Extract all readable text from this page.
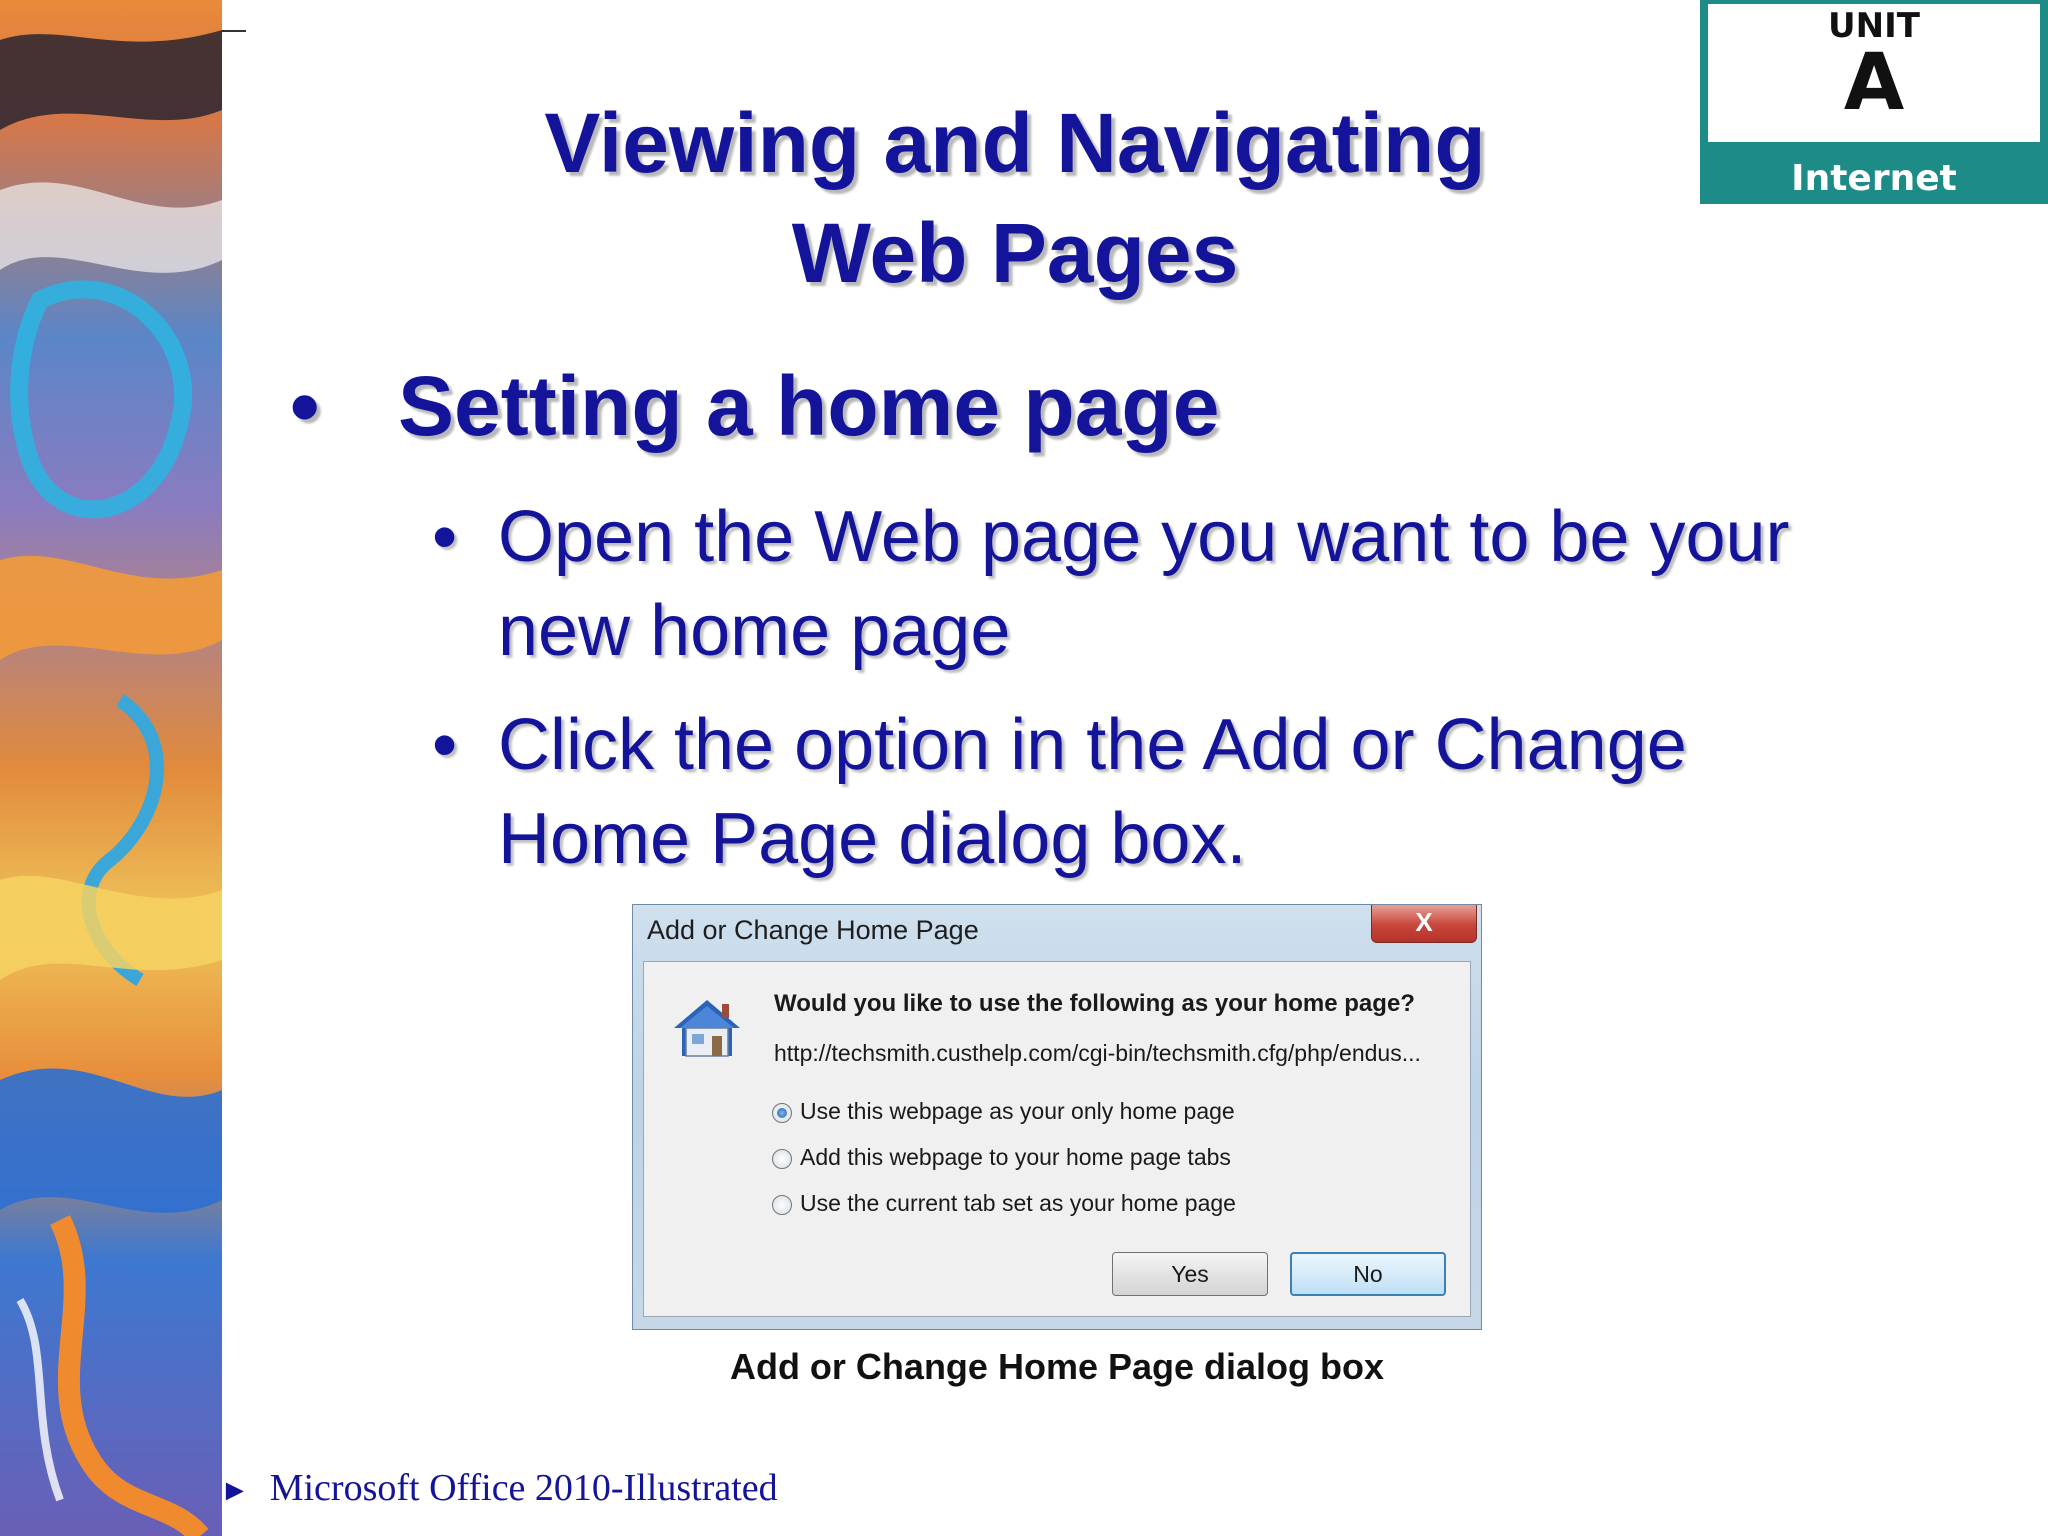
UNIT
A
Internet
Viewing and Navigating
Web Pages
• Setting a home page
• Open the Web page you want to be your new home page
• Click the option in the Add or Change Home Page dialog box.
Add or Change Home Page	X
Would you like to use the following as your home page?
http://techsmith.custhelp.com/cgi-bin/techsmith.cfg/php/endus...
Use this webpage as your only home page
Add this webpage to your home page tabs
Use the current tab set as your home page
Yes	No
Add or Change Home Page dialog box
► Microsoft Office 2010-Illustrated
